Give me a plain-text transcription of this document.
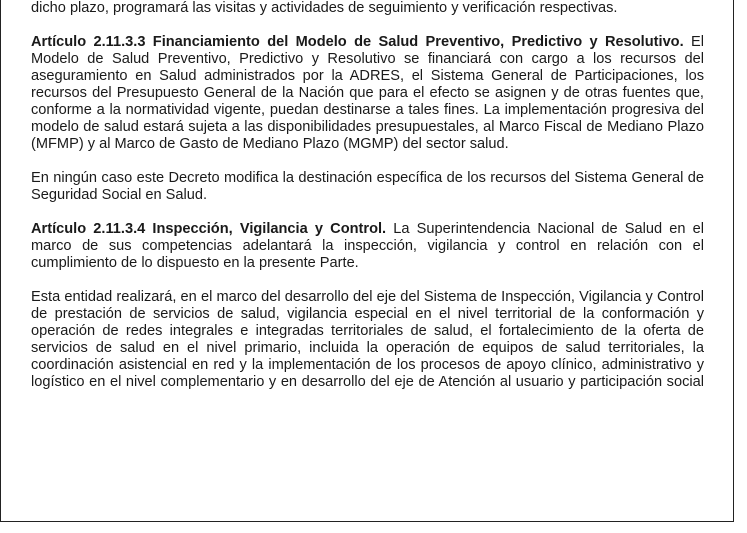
dicho plazo, programará las visitas y actividades de seguimiento y verificación respectivas.

Artículo 2.11.3.3 Financiamiento del Modelo de Salud Preventivo, Predictivo y Resolutivo. El Modelo de Salud Preventivo, Predictivo y Resolutivo se financiará con cargo a los recursos del aseguramiento en Salud administrados por la ADRES, el Sistema General de Participaciones, los recursos del Presupuesto General de la Nación que para el efecto se asignen y de otras fuentes que, conforme a la normatividad vigente, puedan destinarse a tales fines. La implementación progresiva del modelo de salud estará sujeta a las disponibilidades presupuestales, al Marco Fiscal de Mediano Plazo (MFMP) y al Marco de Gasto de Mediano Plazo (MGMP) del sector salud.

En ningún caso este Decreto modifica la destinación específica de los recursos del Sistema General de Seguridad Social en Salud.

Artículo 2.11.3.4 Inspección, Vigilancia y Control. La Superintendencia Nacional de Salud en el marco de sus competencias adelantará la inspección, vigilancia y control en relación con el cumplimiento de lo dispuesto en la presente Parte.

Esta entidad realizará, en el marco del desarrollo del eje del Sistema de Inspección, Vigilancia y Control de prestación de servicios de salud, vigilancia especial en el nivel territorial de la conformación y operación de redes integrales e integradas territoriales de salud, el fortalecimiento de la oferta de servicios de salud en el nivel primario, incluida la operación de equipos de salud territoriales, la coordinación asistencial en red y la implementación de los procesos de apoyo clínico, administrativo y logístico en el nivel complementario y en desarrollo del eje de Atención al usuario y participación social
